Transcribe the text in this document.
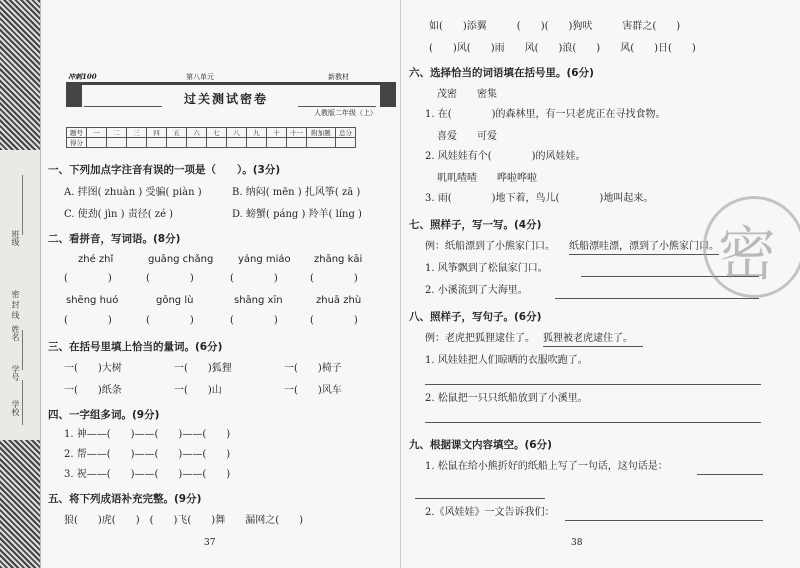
班级
密 封 线
姓名
学号
学校
冲刺100	第八单元	新教材
过关测试密卷
人教版二年级（上）
题号	一	二	三	四	五	六	七	八	九	十	十一	附加题	总分
得分													
一、下列加点字注音有误的一项是（　　）。(3分)
A. 拌图( zhuàn ) 受骗( piàn )	B. 纳闷( mēn ) 扎风筝( zā )
C. 使劲( jìn ) 责径( zé )	D. 螃蟹( páng ) 羚羊( líng )
二、看拼音，写词语。(8分)
zhé zhǐ	guāng chǎng yáng miáo zhāng kāi
(　　　　)	(　　　　)	(　　　　)	(　　　　)
shēng huó	gōng lù	shāng xīn	zhuā zhù
(　　　　)	(　　　　)	(　　　　)	(　　　　)
三、在括号里填上恰当的量词。(6分)
一(　　)大树	一(　　)狐狸	一(　　)椅子
一(　　)纸条	一(　　)山	一(　　)风车
四、一字组多词。(9分)
1. 神——(　　)——(　　)——(　　)
2. 帮——(　　)——(　　)——(　　)
3. 祝——(　　)——(　　)——(　　)
五、将下列成语补充完整。(9分)
狼(　　)虎(　　)　(　　)飞(　　)舞　　漏网之(　　)
37
如(　　)添翼　　　(　　)(　　)狗吠　　　害群之(　　)
(　　)风(　　)雨　　风(　　)浪(　　)　　风(　　)日(　　)
六、选择恰当的词语填在括号里。(6分)
茂密　　密集
1. 在(　　　　)的森林里，有一只老虎正在寻找食物。
喜爱　　可爱
2. 风娃娃有个(　　　　)的风娃娃。
叽叽喳喳　　哗啦哗啦
3. 雨(　　　　)地下着，鸟儿(　　　　)地叫起来。
七、照样子，写一写。(4分)
例：纸船漂到了小熊家门口。 纸船漂哇漂，漂到了小熊家门口。
1. 风筝飘到了松鼠家门口。
2. 小溪流到了大海里。
八、照样子，写句子。(6分)
例：老虎把狐狸逮住了。 狐狸被老虎逮住了。
1. 风娃娃把人们晾晒的衣服吹跑了。
2. 松鼠把一只只纸船放到了小溪里。
九、根据课文内容填空。(6分)
1. 松鼠在给小熊折好的纸船上写了一句话，这句话是：
2.《风娃娃》一文告诉我们：
38
密
